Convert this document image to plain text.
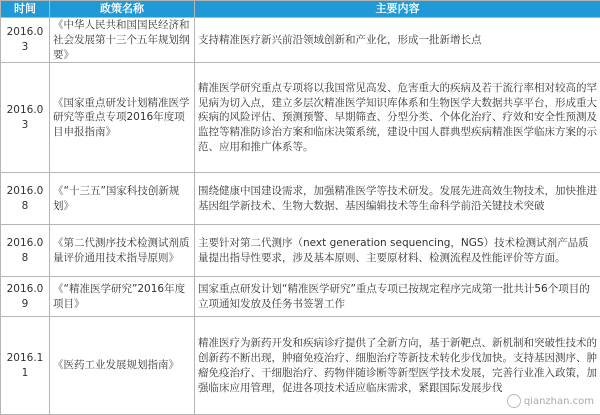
时间	政策名称	主要内容
2016.03	《中华人民共和国国民经济和社会发展第十三个五年规划纲要》	支持精准医疗新兴前沿领域创新和产业化，形成一批新增长点
2016.03	《国家重点研发计划精准医学研究等重点专项2016年度项目申报指南》	精准医学研究重点专项将以我国常见高发、危害重大的疾病及若干流行率相对较高的罕见病为切入点，建立多层次精准医学知识库体系和生物医学大数据共享平台，形成重大疾病的风险评估、预测预警、早期筛查、分型分类、个体化治疗、疗效和安全性预测及监控等精准防诊治方案和临床决策系统，建设中国人群典型疾病精准医学临床方案的示范、应用和推广体系等。
2016.08	《“十三五”国家科技创新规划》	围绕健康中国建设需求，加强精准医学等技术研发。发展先进高效生物技术，加快推进基因组学新技术、生物大数据、基因编辑技术等生命科学前沿关键技术突破
2016.08	《第二代测序技术检测试剂质量评价通用技术指导原则》	主要针对第二代测序（next generation sequencing，NGS）技术检测试剂产品质量提出指导性要求，涉及基本原则、主要原材料、检测流程及性能评价等方面。
2016.09	《“精准医学研究”2016年度项目》	国家重点研发计划“精准医学研究”重点专项已按规定程序完成第一批共计56个项目的立项通知发放及任务书签署工作
2016.11	《医药工业发展规划指南》	精准医疗为新药开发和疾病诊疗提供了全新方向，基于新靶点、新机制和突破性技术的创新药不断出现，肿瘤免疫治疗、细胞治疗等新技术转化步伐加快。支持基因测序、肿瘤免疫治疗、干细胞治疗、药物伴随诊断等新型医学技术发展，完善行业准入政策，加强临床应用管理，促进各项技术适应临床需求，紧跟国际发展步伐
qianzhan.com
